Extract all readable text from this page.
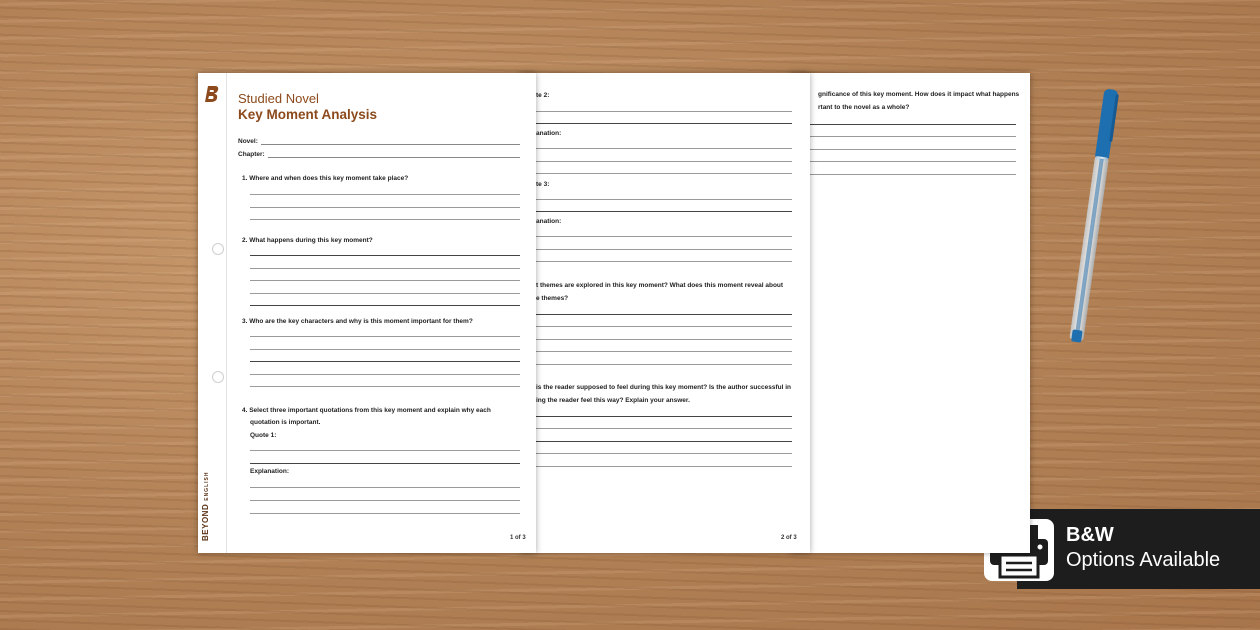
gnificance of this key moment. How does it impact what happens
rtant to the novel as a whole?
te 2:
anation:
te 3:
anation:
t themes are explored in this key moment? What does this moment reveal about
e themes?
is the reader supposed to feel during this key moment? Is the author successful in
ing the reader feel this way? Explain your answer.
2 of 3
BEYONDENGLISH
Studied Novel
Key Moment Analysis
Novel:
Chapter:
1. Where and when does this key moment take place?
2. What happens during this key moment?
3. Who are the key characters and why is this moment important for them?
4. Select three important quotations from this key moment and explain why each
quotation is important.
Quote 1:
Explanation:
1 of 3	B&W
Options Available
